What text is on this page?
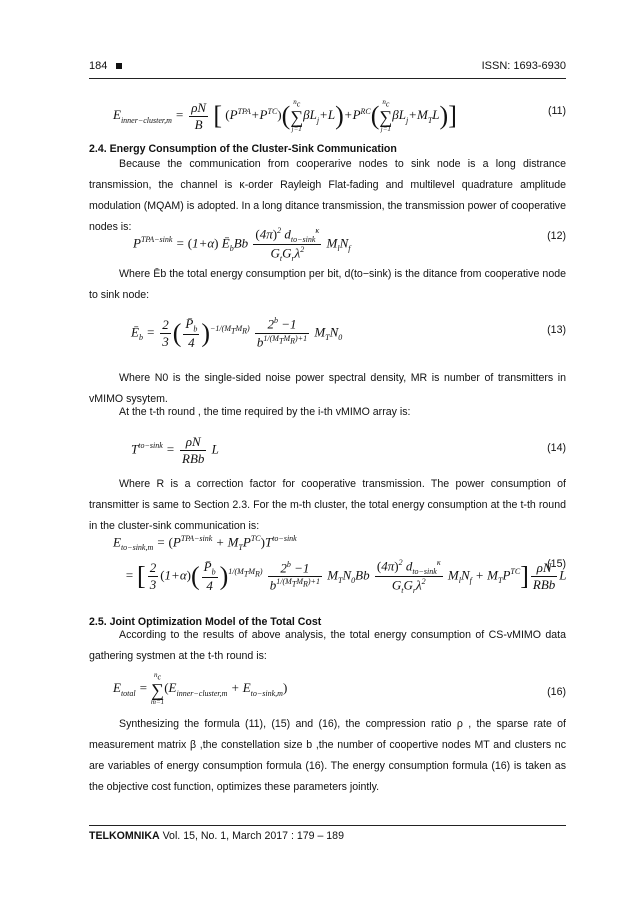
184	ISSN: 1693-6930
$E_{inner-cluster,m} = \frac{\rho N}{B}$ [ $(P^{TPA}+P^{TC})$( $n_c$
∑
j=1
$\beta L_j+L)+P^{RC}$( $n_c$
∑
j=1
$\beta L_j+M_TL$)]	(11)
2.4. Energy Consumption of the Cluster-Sink Communication
Because the communication from cooperarive nodes to sink node is a long distrance transmission, the channel is κ-order Rayleigh Flat-fading and multilevel quadrature amplitude modulation (MQAM) is adopted. In a long ditance transmission, the transmission power of cooperative nodes is:
$P^{TPA-sink} = (1+\alpha)$ $Ē_bBb \frac{(4\pi)^2 d_{to-sink}^\kappa}{G_tG_r\lambda^2} M_lN_f$
(12)
Where Ēb the total energy consumption per bit, d(to−sink) is the ditance from cooperative node to sink node:
$Ē_b = \frac{2}{3}$ ( $\frac{P̄_b}{4} )^{-1/(M_TM_R)} \frac{2^b -1}{b^{1/(M_TM_R)+1}} M_TN_0$
(13)
Where N0 is the single-sided noise power spectral density, MR is number of transmitters in vMIMO sysytem.
At the t-th round , the time required by the i-th vMIMO array is:
$T^{to-sink} = \frac{\rho N}{\text{RBb}}$ L	(14)
Where R is a correction factor for cooperative transmission. The power consumption of transmitter is same to Section 2.3. For the m-th cluster, the total energy consumption at the t-th round in the cluster-sink communication is:
$E_{to-sink,m} = (P^{TPA-sink} + M_TP^{TC})T^{to-sink}$
= [ $\frac{2}{3} (1+\alpha)( \frac{P̄_b}{4} )^{1/(M_TM_R)} \frac{2^b -1}{b^{1/(M_TM_R)+1}} M_TN_0Bb \frac{(4\pi)^2 d_{to-sink}^\kappa}{G_tG_r\lambda^2} M_lN_f + M_TP^{TC}] \frac{\rho N}{\text{RBb}}$ L
(15)
2.5. Joint Optimization Model of the Total Cost
According to the results of above analysis, the total energy consumption of CS-vMIMO data gathering systmen at the t-th round is:
$E_{total}$ =
$n_c$
∑
m=1
$(E_{inner-cluster,m} + E_{to-sink,m})$	(16)
Synthesizing the formula (11), (15) and (16), the compression ratio ρ , the sparse rate of measurement matrix β ,the constellation size b ,the number of coopertive nodes MT and clusters nc are variables of energy consumption formula (16). The energy consumption formula (16) is taken as the objective cost function, optimizes these parameters jointly.
TELKOMNIKA Vol. 15, No. 1, March 2017 : 179 – 189
